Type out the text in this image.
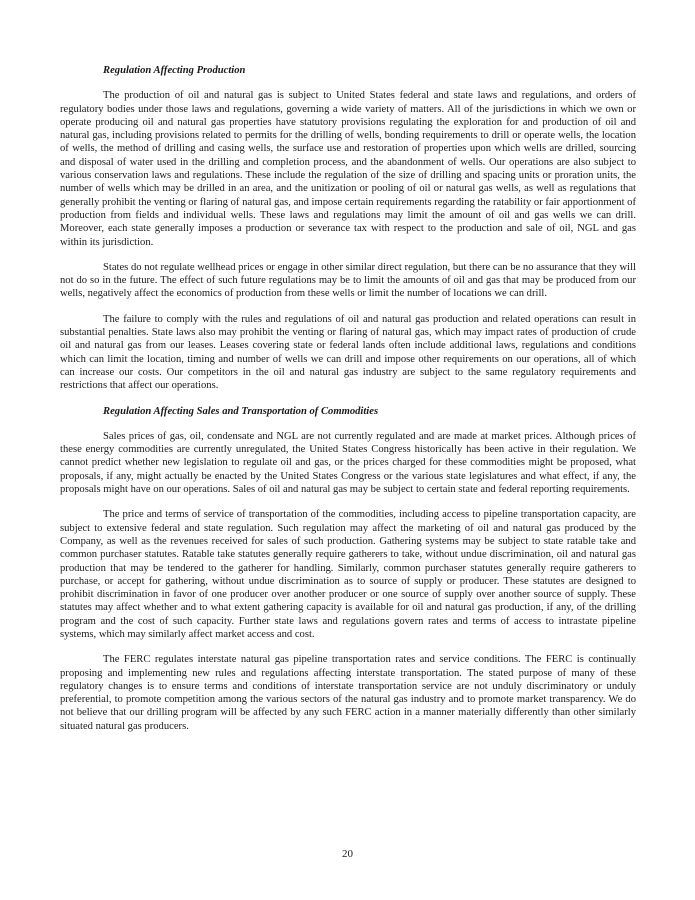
Regulation Affecting Production

The production of oil and natural gas is subject to United States federal and state laws and regulations, and orders of regulatory bodies under those laws and regulations, governing a wide variety of matters. All of the jurisdictions in which we own or operate producing oil and natural gas properties have statutory provisions regulating the exploration for and production of oil and natural gas, including provisions related to permits for the drilling of wells, bonding requirements to drill or operate wells, the location of wells, the method of drilling and casing wells, the surface use and restoration of properties upon which wells are drilled, sourcing and disposal of water used in the drilling and completion process, and the abandonment of wells. Our operations are also subject to various conservation laws and regulations. These include the regulation of the size of drilling and spacing units or proration units, the number of wells which may be drilled in an area, and the unitization or pooling of oil or natural gas wells, as well as regulations that generally prohibit the venting or flaring of natural gas, and impose certain requirements regarding the ratability or fair apportionment of production from fields and individual wells. These laws and regulations may limit the amount of oil and gas wells we can drill. Moreover, each state generally imposes a production or severance tax with respect to the production and sale of oil, NGL and gas within its jurisdiction.

States do not regulate wellhead prices or engage in other similar direct regulation, but there can be no assurance that they will not do so in the future. The effect of such future regulations may be to limit the amounts of oil and gas that may be produced from our wells, negatively affect the economics of production from these wells or limit the number of locations we can drill.

The failure to comply with the rules and regulations of oil and natural gas production and related operations can result in substantial penalties. State laws also may prohibit the venting or flaring of natural gas, which may impact rates of production of crude oil and natural gas from our leases. Leases covering state or federal lands often include additional laws, regulations and conditions which can limit the location, timing and number of wells we can drill and impose other requirements on our operations, all of which can increase our costs. Our competitors in the oil and natural gas industry are subject to the same regulatory requirements and restrictions that affect our operations.

Regulation Affecting Sales and Transportation of Commodities

Sales prices of gas, oil, condensate and NGL are not currently regulated and are made at market prices. Although prices of these energy commodities are currently unregulated, the United States Congress historically has been active in their regulation. We cannot predict whether new legislation to regulate oil and gas, or the prices charged for these commodities might be proposed, what proposals, if any, might actually be enacted by the United States Congress or the various state legislatures and what effect, if any, the proposals might have on our operations. Sales of oil and natural gas may be subject to certain state and federal reporting requirements.

The price and terms of service of transportation of the commodities, including access to pipeline transportation capacity, are subject to extensive federal and state regulation. Such regulation may affect the marketing of oil and natural gas produced by the Company, as well as the revenues received for sales of such production. Gathering systems may be subject to state ratable take and common purchaser statutes. Ratable take statutes generally require gatherers to take, without undue discrimination, oil and natural gas production that may be tendered to the gatherer for handling. Similarly, common purchaser statutes generally require gatherers to purchase, or accept for gathering, without undue discrimination as to source of supply or producer. These statutes are designed to prohibit discrimination in favor of one producer over another producer or one source of supply over another source of supply. These statutes may affect whether and to what extent gathering capacity is available for oil and natural gas production, if any, of the drilling program and the cost of such capacity. Further state laws and regulations govern rates and terms of access to intrastate pipeline systems, which may similarly affect market access and cost.

The FERC regulates interstate natural gas pipeline transportation rates and service conditions. The FERC is continually proposing and implementing new rules and regulations affecting interstate transportation. The stated purpose of many of these regulatory changes is to ensure terms and conditions of interstate transportation service are not unduly discriminatory or unduly preferential, to promote competition among the various sectors of the natural gas industry and to promote market transparency. We do not believe that our drilling program will be affected by any such FERC action in a manner materially differently than other similarly situated natural gas producers.

20
